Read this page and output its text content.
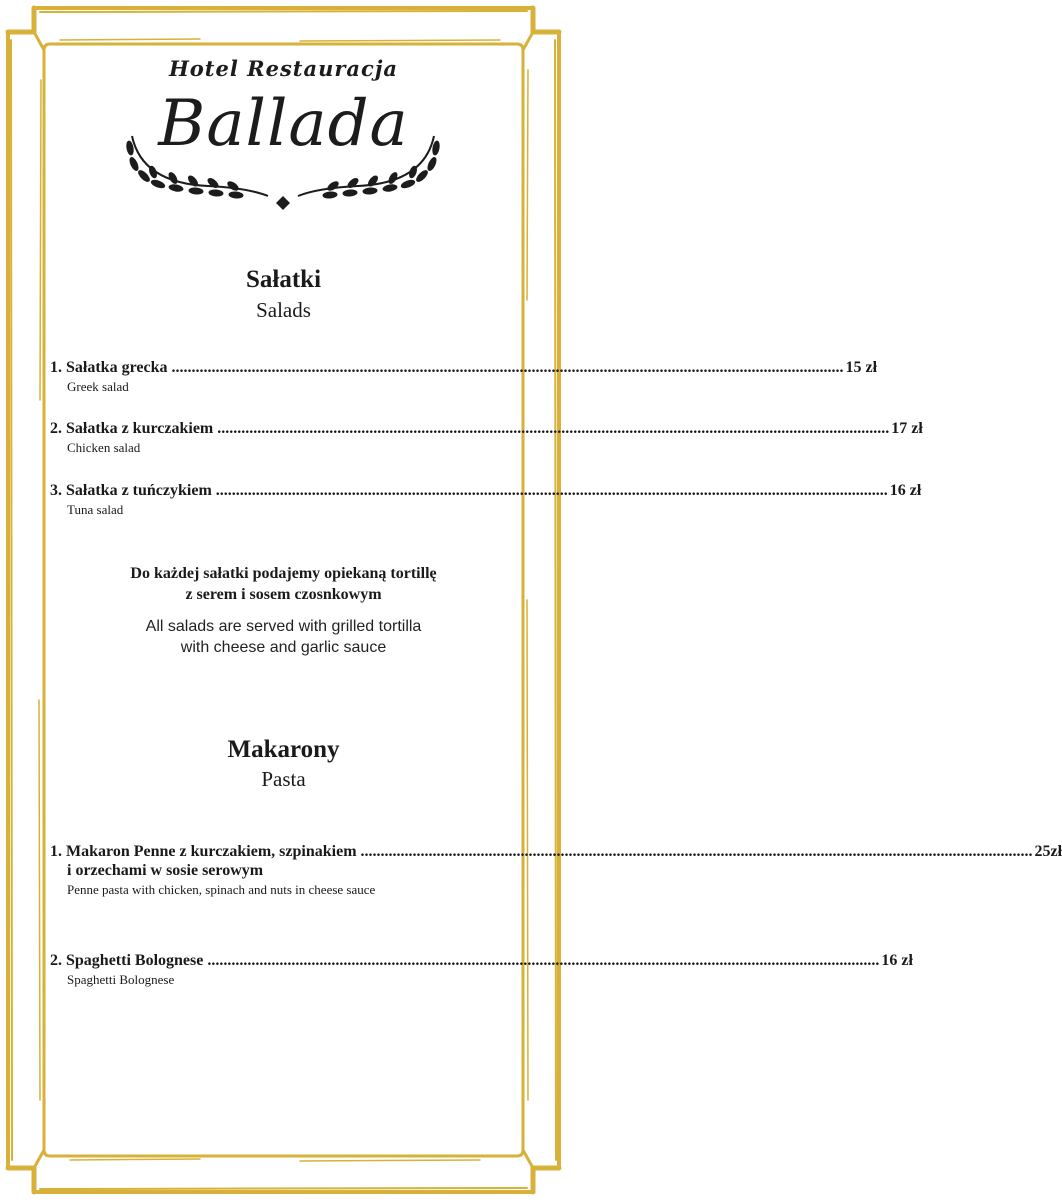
Hotel Restauracja
Ballada
Sałatki
Salads
1. Sałatka grecka ........................................................................................................................................................................ 15 zł
Greek salad
2. Sałatka z kurczakiem ........................................................................................................................................................................ 17 zł
Chicken salad
3. Sałatka z tuńczykiem ........................................................................................................................................................................ 16 zł
Tuna salad
Do każdej sałatki podajemy opiekaną tortillę
z serem i sosem czosnkowym
All salads are served with grilled tortilla
with cheese and garlic sauce
Makarony
Pasta
1. Makaron Penne z kurczakiem, szpinakiem ........................................................................................................................................................................ 25zł
i orzechami w sosie serowym
Penne pasta with chicken, spinach and nuts in cheese sauce
2. Spaghetti Bolognese ........................................................................................................................................................................ 16 zł
Spaghetti Bolognese
